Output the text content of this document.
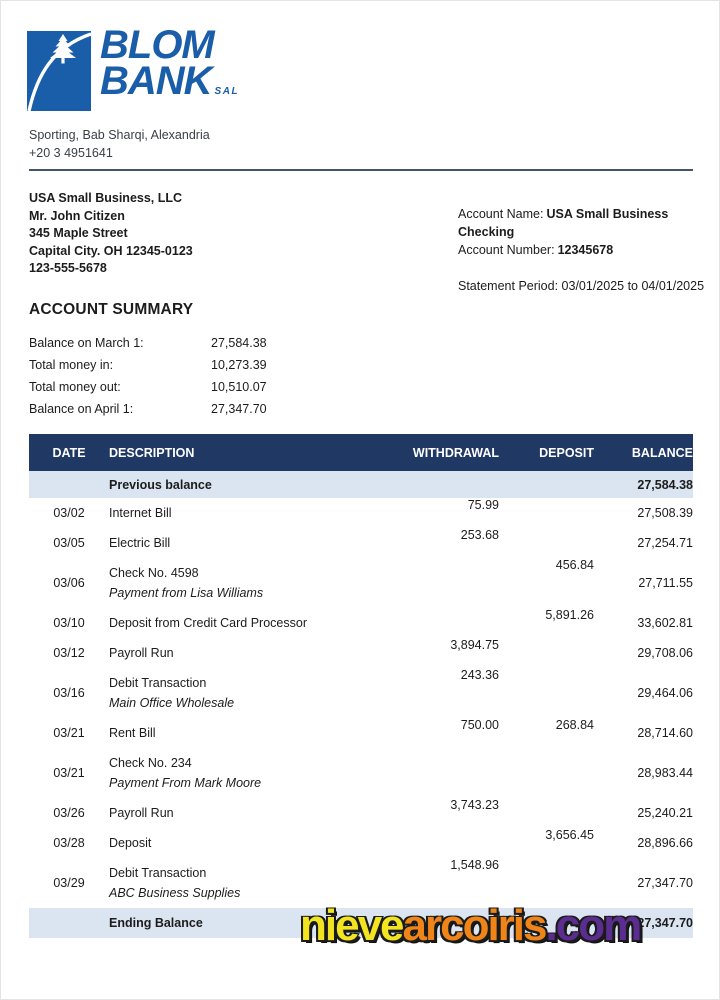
BLOM
BANK SAL
Sporting, Bab Sharqi, Alexandria
+20 3 4951641
USA Small Business, LLC
Mr. John Citizen
345 Maple Street
Capital City. OH 12345-0123
123-555-5678
Account Name: USA Small Business Checking
Account Number: 12345678
Statement Period: 03/01/2025 to 04/01/2025
ACCOUNT SUMMARY
Balance on March 1:	27,584.38
Total money in:	10,273.39
Total money out:	10,510.07
Balance on April 1:	27,347.70
DATE	DESCRIPTION	WITHDRAWAL	DEPOSIT	BALANCE
	Previous balance			27,584.38
03/02	Internet Bill	75.99		27,508.39
03/05	Electric Bill	253.68		27,254.71
03/06	Check No. 4598
Payment from Lisa Williams		456.84	27,711.55
03/10	Deposit from Credit Card Processor		5,891.26	33,602.81
03/12	Payroll Run	3,894.75		29,708.06
03/16	Debit Transaction
Main Office Wholesale	243.36		29,464.06
03/21	Rent Bill	750.00	268.84	28,714.60
03/21	Check No. 234
Payment From Mark Moore			28,983.44
03/26	Payroll Run	3,743.23		25,240.21
03/28	Deposit		3,656.45	28,896.66
03/29	Debit Transaction
ABC Business Supplies	1,548.96		27,347.70
	Ending Balance			27,347.70
nievearcoiris.com
